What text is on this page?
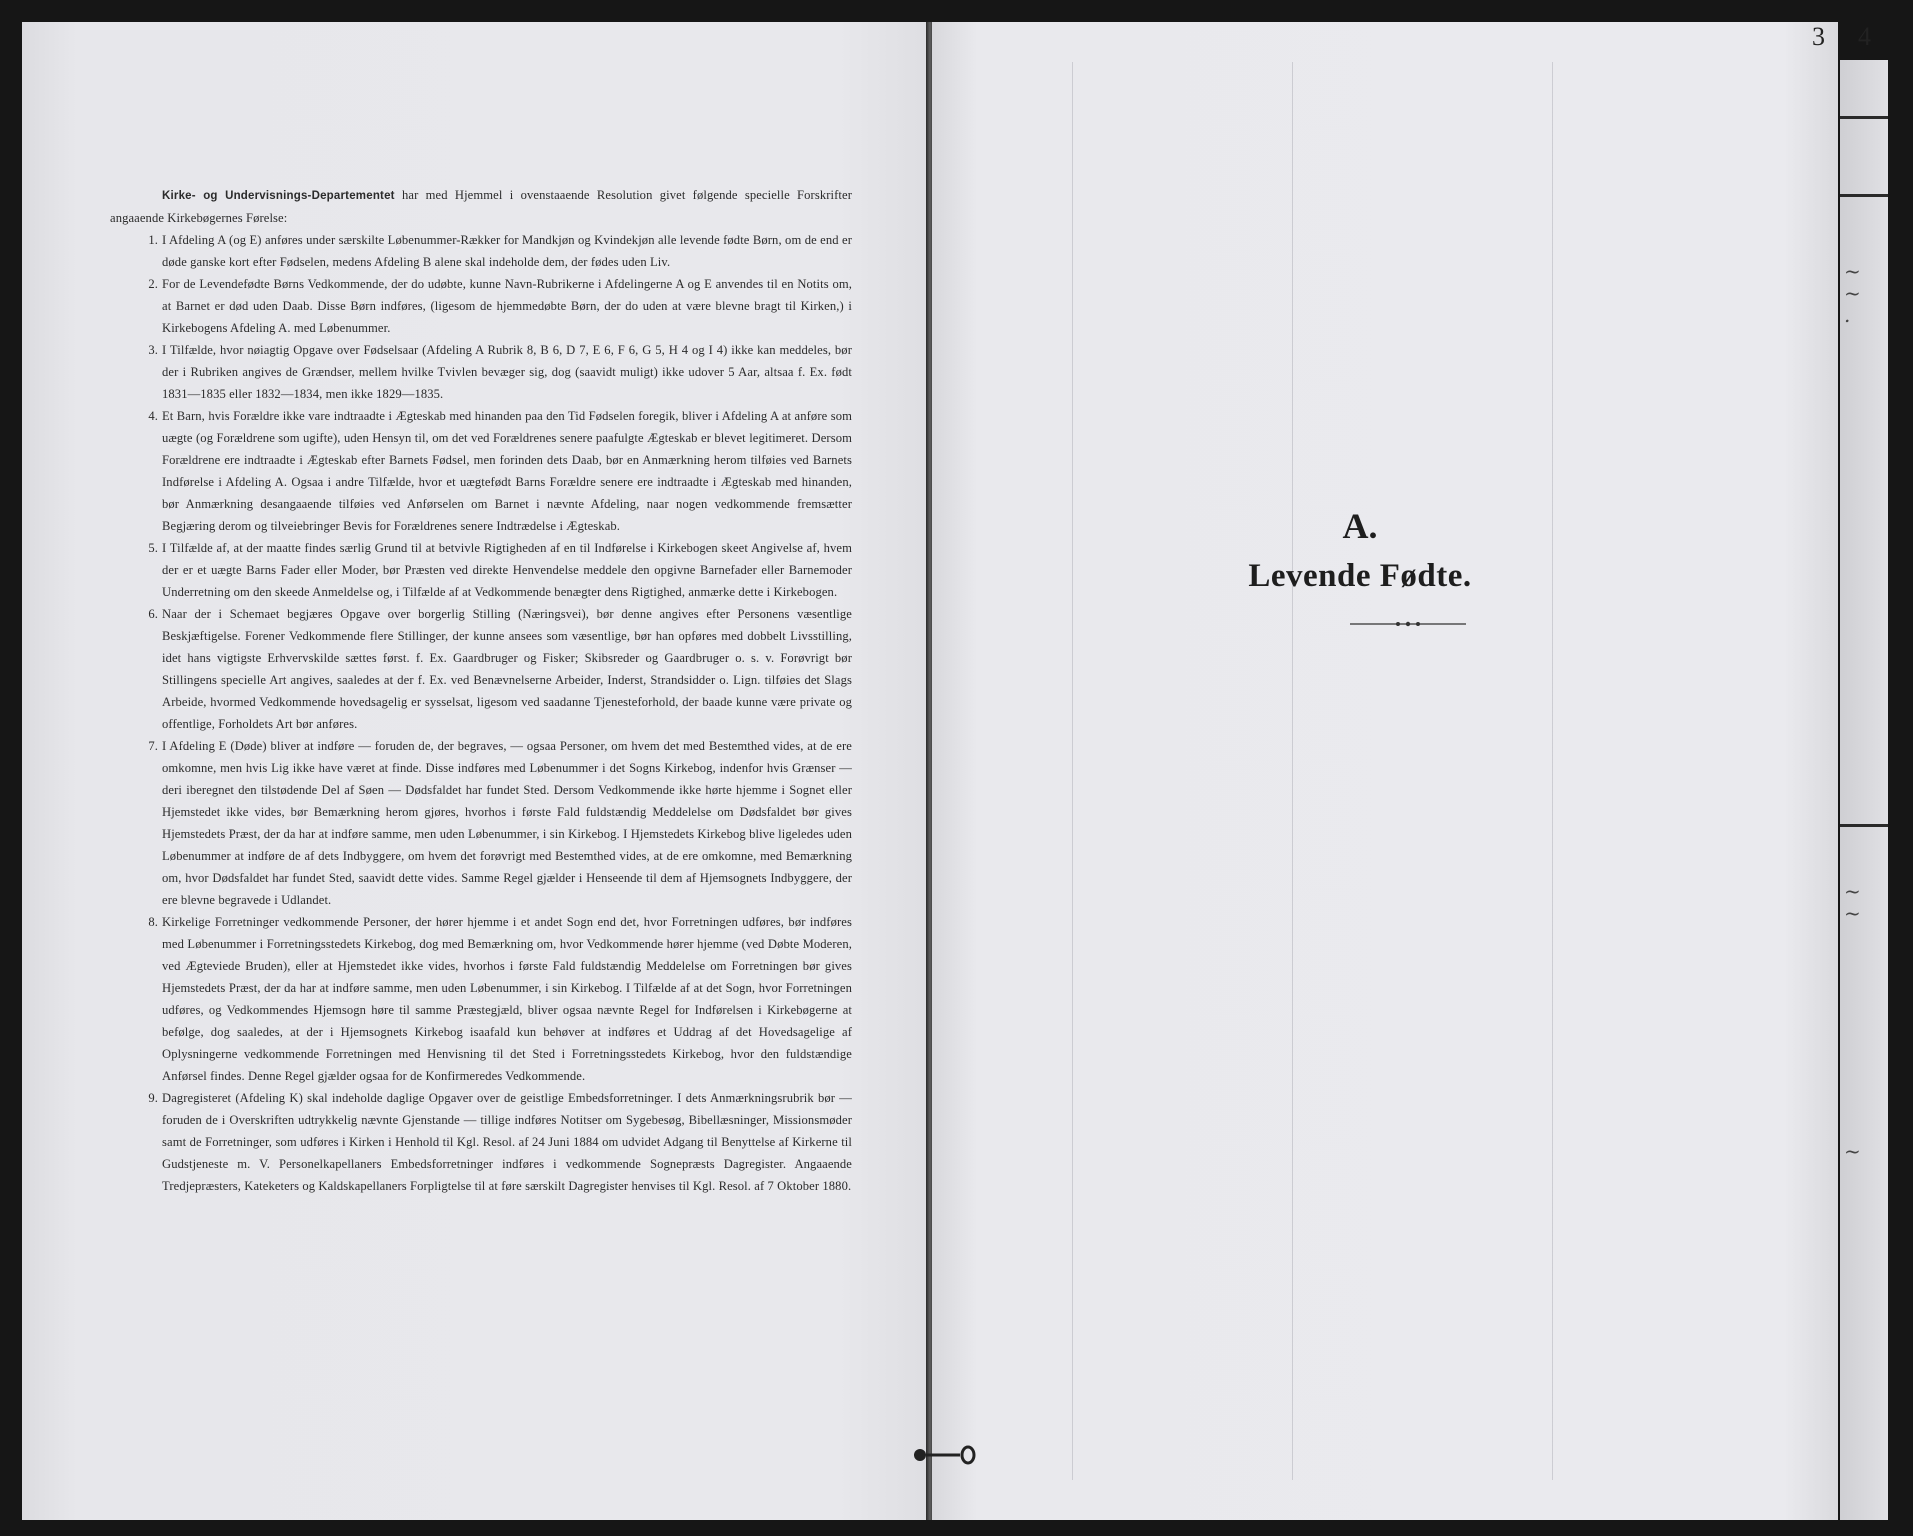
~
~
.
~
~
~
3 4

Kirke- og Undervisnings-Departementet har med Hjemmel i ovenstaaende Resolution givet følgende specielle Forskrifter angaaende Kirkebøgernes Førelse:

1. I Afdeling A (og E) anføres under særskilte Løbenummer-Rækker for Mandkjøn og Kvindekjøn alle levende fødte Børn, om de end er døde ganske kort efter Fødselen, medens Afdeling B alene skal indeholde dem, der fødes uden Liv.

2. For de Levendefødte Børns Vedkommende, der do udøbte, kunne Navn-Rubrikerne i Afdelingerne A og E anvendes til en Notits om, at Barnet er død uden Daab. Disse Børn indføres, (ligesom de hjemmedøbte Børn, der do uden at være blevne bragt til Kirken,) i Kirkebogens Afdeling A. med Løbenummer.

3. I Tilfælde, hvor nøiagtig Opgave over Fødselsaar (Afdeling A Rubrik 8, B 6, D 7, E 6, F 6, G 5, H 4 og I 4) ikke kan meddeles, bør der i Rubriken angives de Grændser, mellem hvilke Tvivlen bevæger sig, dog (saavidt muligt) ikke udover 5 Aar, altsaa f. Ex. født 1831—1835 eller 1832—1834, men ikke 1829—1835.

4. Et Barn, hvis Forældre ikke vare indtraadte i Ægteskab med hinanden paa den Tid Fødselen foregik, bliver i Afdeling A at anføre som uægte (og Forældrene som ugifte), uden Hensyn til, om det ved Forældrenes senere paafulgte Ægteskab er blevet legitimeret. Dersom Forældrene ere indtraadte i Ægteskab efter Barnets Fødsel, men forinden dets Daab, bør en Anmærkning herom tilføies ved Barnets Indførelse i Afdeling A. Ogsaa i andre Tilfælde, hvor et uægtefødt Barns Forældre senere ere indtraadte i Ægteskab med hinanden, bør Anmærkning desangaaende tilføies ved Anførselen om Barnet i nævnte Afdeling, naar nogen vedkommende fremsætter Begjæring derom og tilveiebringer Bevis for Forældrenes senere Indtrædelse i Ægteskab.

5. I Tilfælde af, at der maatte findes særlig Grund til at betvivle Rigtigheden af en til Indførelse i Kirkebogen skeet Angivelse af, hvem der er et uægte Barns Fader eller Moder, bør Præsten ved direkte Henvendelse meddele den opgivne Barnefader eller Barnemoder Underretning om den skeede Anmeldelse og, i Tilfælde af at Vedkommende benægter dens Rigtighed, anmærke dette i Kirkebogen.

6. Naar der i Schemaet begjæres Opgave over borgerlig Stilling (Næringsvei), bør denne angives efter Personens væsentlige Beskjæftigelse. Forener Vedkommende flere Stillinger, der kunne ansees som væsentlige, bør han opføres med dobbelt Livsstilling, idet hans vigtigste Erhvervskilde sættes først. f. Ex. Gaardbruger og Fisker; Skibsreder og Gaardbruger o. s. v. Forøvrigt bør Stillingens specielle Art angives, saaledes at der f. Ex. ved Benævnelserne Arbeider, Inderst, Strandsidder o. Lign. tilføies det Slags Arbeide, hvormed Vedkommende hovedsagelig er sysselsat, ligesom ved saadanne Tjenesteforhold, der baade kunne være private og offentlige, Forholdets Art bør anføres.

7. I Afdeling E (Døde) bliver at indføre — foruden de, der begraves, — ogsaa Personer, om hvem det med Bestemthed vides, at de ere omkomne, men hvis Lig ikke have været at finde. Disse indføres med Løbenummer i det Sogns Kirkebog, indenfor hvis Grænser — deri iberegnet den tilstødende Del af Søen — Dødsfaldet har fundet Sted. Dersom Vedkommende ikke hørte hjemme i Sognet eller Hjemstedet ikke vides, bør Bemærkning herom gjøres, hvorhos i første Fald fuldstændig Meddelelse om Dødsfaldet bør gives Hjemstedets Præst, der da har at indføre samme, men uden Løbenummer, i sin Kirkebog. I Hjemstedets Kirkebog blive ligeledes uden Løbenummer at indføre de af dets Indbyggere, om hvem det forøvrigt med Bestemthed vides, at de ere omkomne, med Bemærkning om, hvor Dødsfaldet har fundet Sted, saavidt dette vides. Samme Regel gjælder i Henseende til dem af Hjemsognets Indbyggere, der ere blevne begravede i Udlandet.

8. Kirkelige Forretninger vedkommende Personer, der hører hjemme i et andet Sogn end det, hvor Forretningen udføres, bør indføres med Løbenummer i Forretningsstedets Kirkebog, dog med Bemærkning om, hvor Vedkommende hører hjemme (ved Døbte Moderen, ved Ægteviede Bruden), eller at Hjemstedet ikke vides, hvorhos i første Fald fuldstændig Meddelelse om Forretningen bør gives Hjemstedets Præst, der da har at indføre samme, men uden Løbenummer, i sin Kirkebog. I Tilfælde af at det Sogn, hvor Forretningen udføres, og Vedkommendes Hjemsogn høre til samme Præstegjæld, bliver ogsaa nævnte Regel for Indførelsen i Kirkebøgerne at befølge, dog saaledes, at der i Hjemsognets Kirkebog isaafald kun behøver at indføres et Uddrag af det Hovedsagelige af Oplysningerne vedkommende Forretningen med Henvisning til det Sted i Forretningsstedets Kirkebog, hvor den fuldstændige Anførsel findes. Denne Regel gjælder ogsaa for de Konfirmeredes Vedkommende.

9. Dagregisteret (Afdeling K) skal indeholde daglige Opgaver over de geistlige Embedsforretninger. I dets Anmærkningsrubrik bør — foruden de i Overskriften udtrykkelig nævnte Gjenstande — tillige indføres Notitser om Sygebesøg, Bibellæsninger, Missionsmøder samt de Forretninger, som udføres i Kirken i Henhold til Kgl. Resol. af 24 Juni 1884 om udvidet Adgang til Benyttelse af Kirkerne til Gudstjeneste m. V. Personelkapellaners Embedsforretninger indføres i vedkommende Sognepræsts Dagregister. Angaaende Tredjepræsters, Kateketers og Kaldskapellaners Forpligtelse til at føre særskilt Dagregister henvises til Kgl. Resol. af 7 Oktober 1880.

A.
Levende Fødte.
